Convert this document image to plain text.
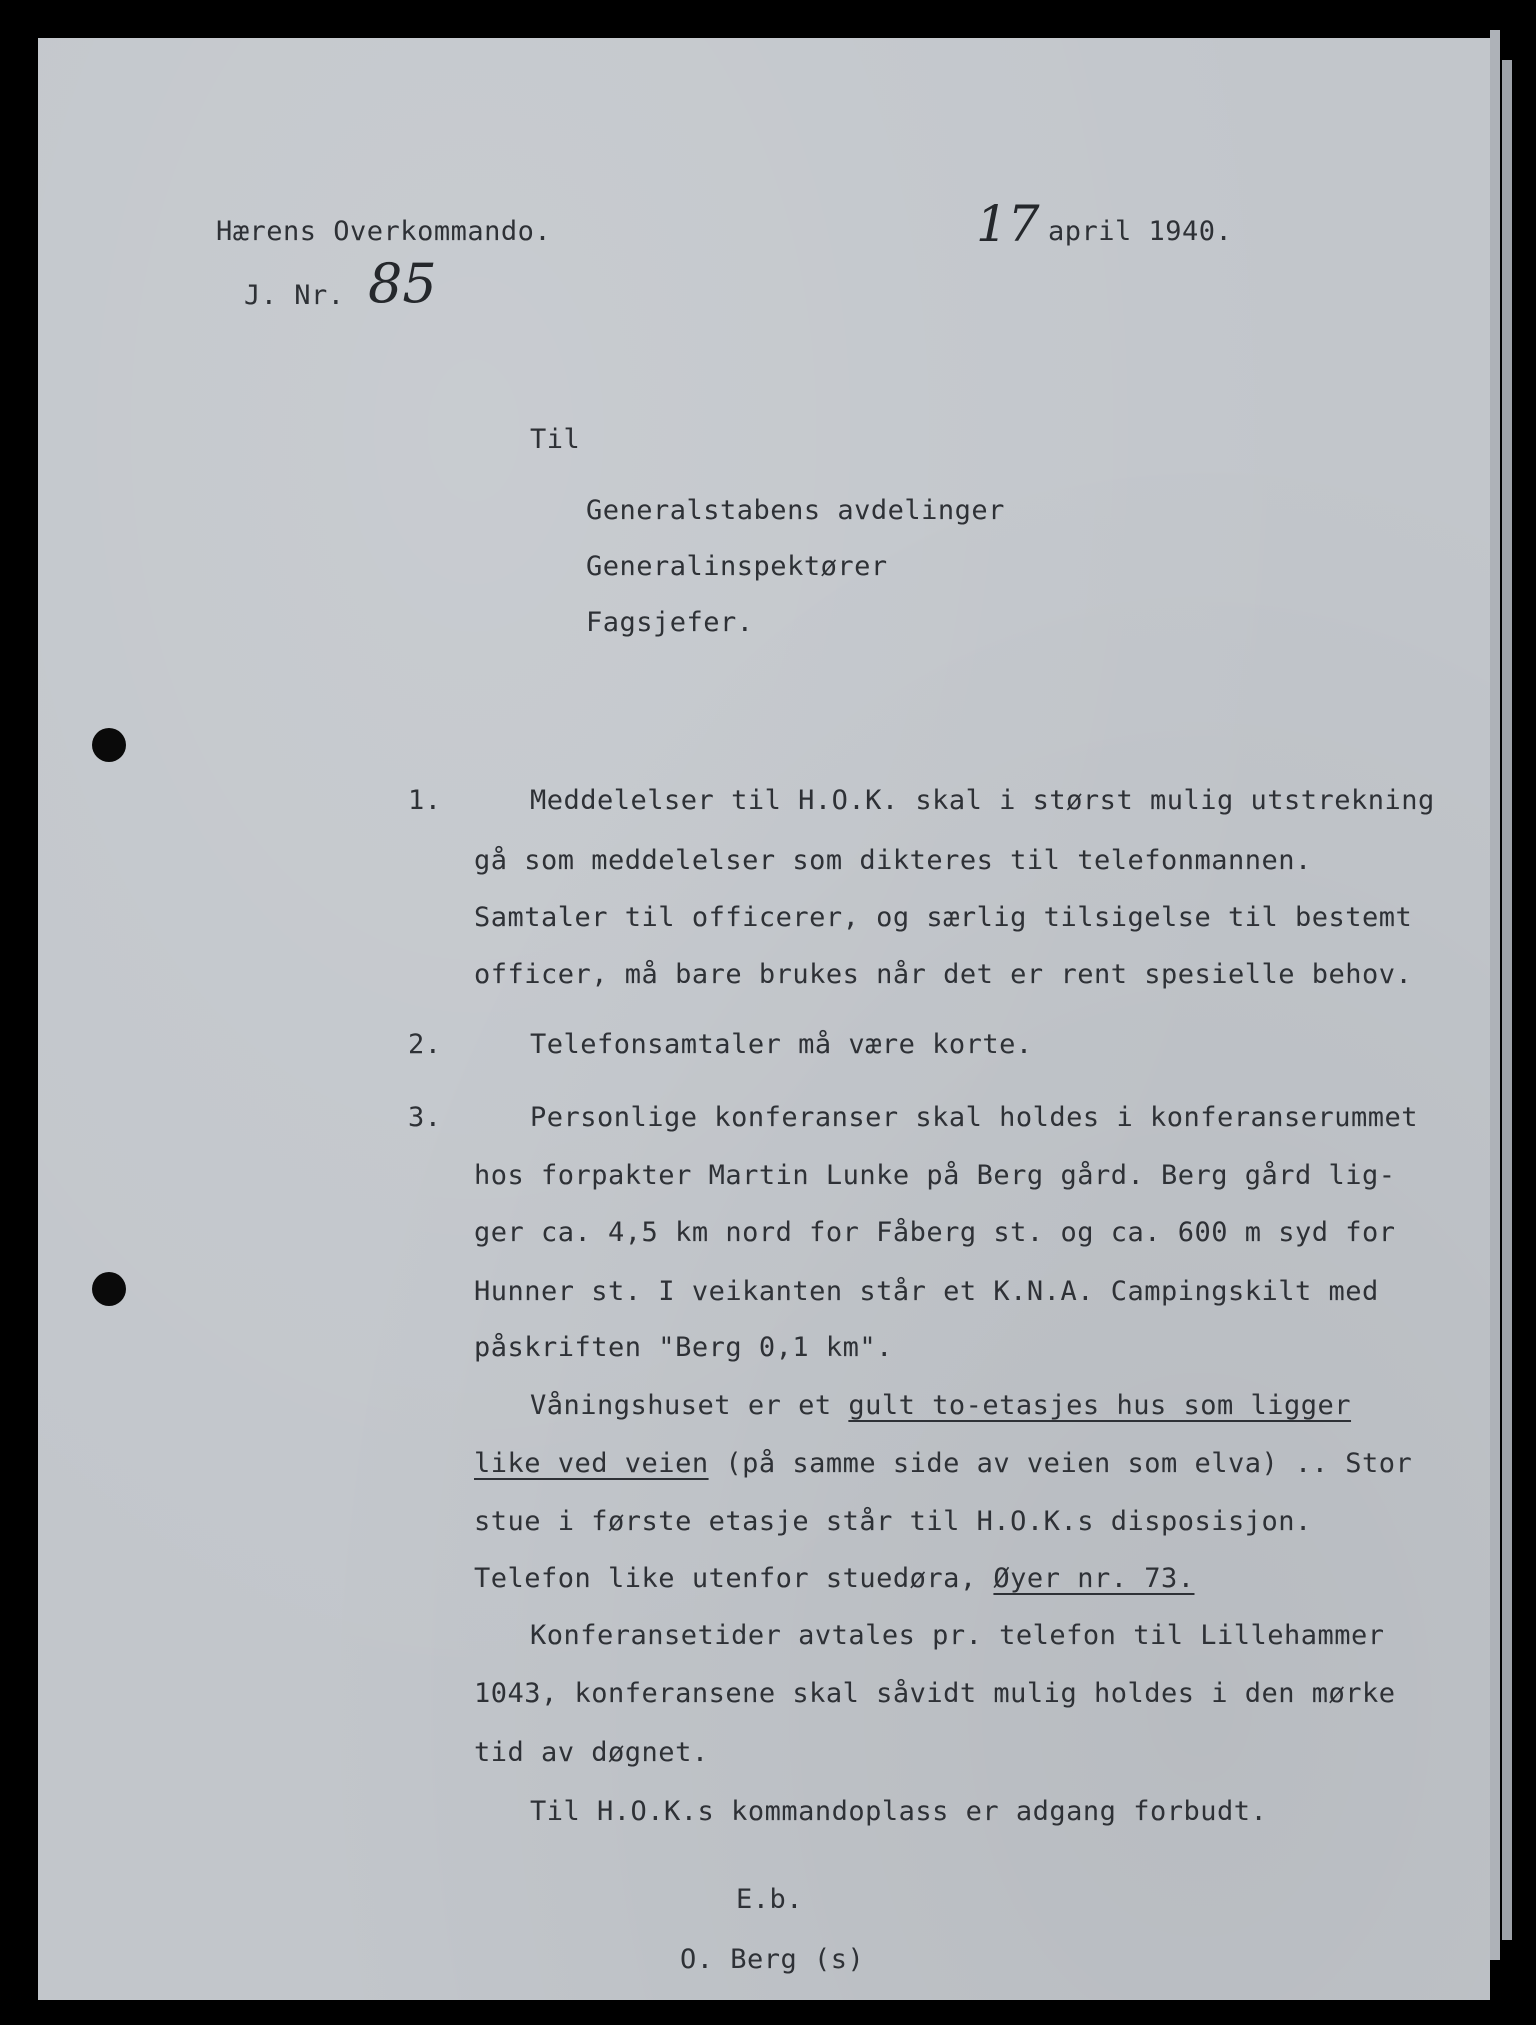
Hærens Overkommando.	17 april 1940.

J. Nr. 85

Til

Generalstabens avdelinger

Generalinspektører

Fagsjefer.

1.	Meddelelser til H.O.K. skal i størst mulig utstrekning

gå som meddelelser som dikteres til telefonmannen.

Samtaler til officerer, og særlig tilsigelse til bestemt

officer, må bare brukes når det er rent spesielle behov.

2.	Telefonsamtaler må være korte.

3.	Personlige konferanser skal holdes i konferanserummet

hos forpakter Martin Lunke på Berg gård. Berg gård lig-

ger ca. 4,5 km nord for Fåberg st. og ca. 600 m syd for

Hunner st. I veikanten står et K.N.A. Campingskilt med

påskriften "Berg 0,1 km".

Våningshuset er et gult to-etasjes hus som ligger

like ved veien (på samme side av veien som elva) .. Stor

stue i første etasje står til H.O.K.s disposisjon.

Telefon like utenfor stuedøra, Øyer nr. 73.

Konferansetider avtales pr. telefon til Lillehammer

1043, konferansene skal såvidt mulig holdes i den mørke

tid av døgnet.

Til H.O.K.s kommandoplass er adgang forbudt.

E.b.

O. Berg (s)
